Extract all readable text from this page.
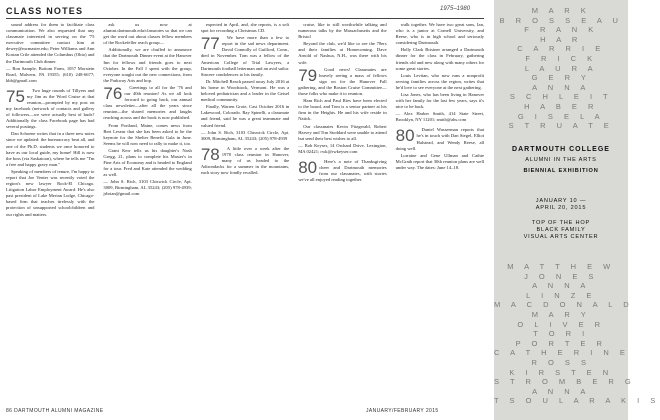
CLASS NOTES	1975–1980

sound address for them to facilitate class communication. We also requested that any classmate interested in serving on the '75 executive committee contact him at dewey@mcmaster.edu; Peter Williams and Ann Kostan Crile attended the Columbus (Ohio) and the Dartmouth Club dinner.

— Ron Sample, Bottom Farm, 1057 Morstein Road, Malvern, PA 19355; (610) 248-6677; kbb@gmail.com
75	Two huge rounds of Tillyers and my Jim as the Word Cruise at that reunion—prompted by my post on my facebook (network of contacts and gallery of followers—we were actually best of buds? Additionally the class Facebook page has had several postings.

Dan Schoene writes that in a three new notes since we updated: the bureaucracy beat all, and one of the Ph.D. students we once honored to have as our local guide, my home! Hill is now the boss (via Saskatoon), where he tells me "I'm a free and happy gravy man."

Speaking of members of tenure, I'm happy to report that Joe Venter was recently voted the region's new lawyer Rock-El Chicago. Litigation Labor Employment Award. He's also past president of Lake Merian Lodge, Chicago-based firm that teaches tirelessly with the protection of unsupported schoolchildren and our rights and matters.

ask us now at alumni.dartmouth.edu/classnotes so that we can get the word out about classes fellow members of the Rockefeller reach group—

Additionally, we are chuffed to announce that the Dartmouth Dinner event at the Hanover Inn for fellows and friends goes to next October. In the Fall I spent with the group, everyone sought out the new connections, from the Parkway Arts and hop.

76	Greetings to all for the '76 and our 40th reunion! As we all look forward to going back, our annual class newsletter—after all the years since reunion—the shared memories and laughs reaching across and the book is now published.

From Portland, Maine, comes news from Bert Leseur that she has been asked to be the keynote for the Shelter Benefit Gala in June. Seems he will now need to rally to make it, too.

Grant Kerr tells us his daughter's Nash Gregg, 21, plans to complete his Master's in Fine Arts of Economy and is headed to England for a tour. Fred and Kate attended the wedding as well.

— John S. Rich, 3103 Chiswick Circle, Apt. 3009, Birmingham, AL 35243; (205) 978-4939; jrbrian@gmail.com

expected in April, and, she reports, is a soft spot for recording a Christmas CD.

77	We have more than a few to report in the sad news department. David Connolly of Guilford, Conn., died in November. Tom was a fellow of the American College of Trial Lawyers, a Dartmouth football letterman and an avid sailor. Sincere condolences to his family.

Dr. Mitchell Reach passed away July 2016 at his home in Woodstock, Vermont. He was a beloved pediatrician and a leader in the Geisel medical community.

Finally, Warren Grote, Cast October 2016 in Lakewood, Colorado. Ray Spinelli, a classmate and friend, said he was a great teammate and valued friend.

— John S. Rich, 3103 Chiswick Circle, Apt. 3009, Birmingham, AL 35243; (205) 978-4939
78	A little over a week after the 1978 class reunion in Hanover, many of us headed to the Adirondacks for a summer in the mountains, each story now fondly recalled.

cruise, like to still worthwhile talking and numerous talks by the Massachusetts and the Bristol

Beyond the club, we'd like to see the 78ers and their families at Homecoming. Dave Arnold of Nashua, N.H., was there with his wife.

79	Good news! Classmates are bravely seeing a mass of fellows sign on for the Hanover Fall gathering, and the Boston Cruise Committee—those folks who make it to reunion.

Ham Rich and Paul Ries have been elected to the board, and Tom is a senior partner at his firm in the Heights. He and his wife reside in Natick.

Our classmates Kevin Fitzgerald, Robert Harvey and Tim Stoddard were unable to attend but send their best wishes to all.

— Bob Keyser, 14 Orchard Drive, Lexington, MA 02421; rwk@rwkeyser.com
80	Here's a note of Thanksgiving cheer and Dartmouth memories from our classmates, with stories we've all enjoyed reading together.

walk together. We have two great sons, Ian, who is a junior at Cornell University, and Reese, who is in high school and seriously considering Dartmouth.

Holly Clark Brisiner arranged a Dartmouth dinner for the class in February, gathering friends old and new along with many others for some great stories.

Louis Levitan, who now runs a nonprofit serving families across the region, writes that he'd love to see everyone at the next gathering.

Lisa Jones, who has been living in Hanover with her family for the last few years, says it's nice to be back.

— Alex Harker Smith, 414 State Street, Brooklyn, NY 11201; smith@ahs.com
80	Daniel Wasserman reports that he's in touch with Dan Siegel, Elliot Halstead, and Wendy Reese, all doing well.

Lorraine and Gene Ullman and Cathie McGrath report that 30th reunion plans are well under way. The dates: June 14–18.

86 DARTMOUTH ALUMNI MAGAZINE	JANUARY/FEBRUARY 2015
M A R K
B R O S S E A U
F R A N K
H A R
C A R R I E
F R I C K
L A U R A
G E R Y
A N N A
S C H L E I T
H A B E R
G I S E L A
S T R U A T E
DARTMOUTH COLLEGE
ALUMNI IN THE ARTS
BIENNIAL EXHIBITION
JANUARY 10 —
APRIL 20, 2015
TOP OF THE HOP
BLACK FAMILY
VISUAL ARTS CENTER
M A T T H E W
J O N E S
A N N A
L I N Z E
M A C D O N A L D
M A R Y
O L I V E R
T O R I
P O R T E R
C A T H E R I N E
R O S S
K I R S T E N
S T R O M B E R G
A N N A
T S O U L A R A K I S
